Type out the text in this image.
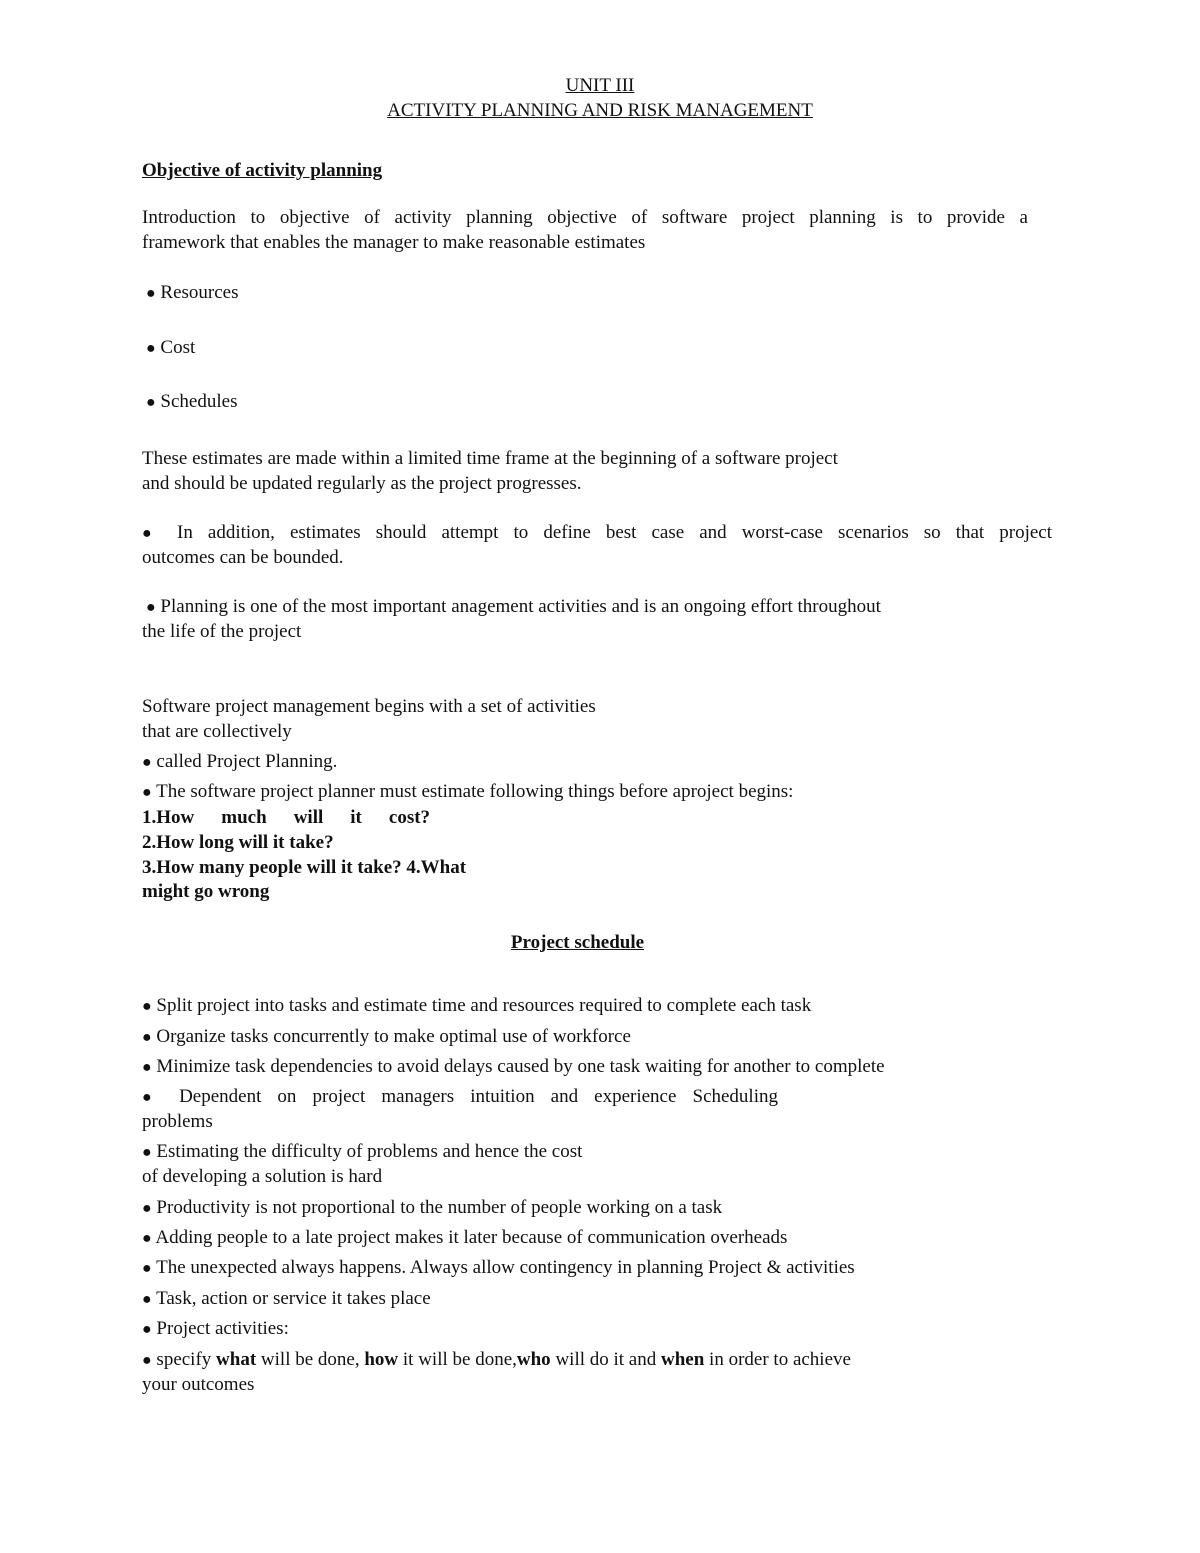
UNIT III
ACTIVITY PLANNING AND RISK MANAGEMENT
Objective of activity planning
Introduction to objective of activity planning objective of software project planning is to provide a
framework that enables the manager to make reasonable estimates
● Resources
● Cost
● Schedules
These estimates are made within a limited time frame at the beginning of a software project
and should be updated regularly as the project progresses.
● In addition, estimates should attempt to define best case and worst-case scenarios so that project
outcomes can be bounded.
● Planning is one of the most important anagement activities and is an ongoing effort throughout
the life of the project
Software project management begins with a set of activities
that are collectively
● called Project Planning.
● The software project planner must estimate following things before aproject begins:
1.How much will it cost?
2.How long will it take?
3.How many people will it take? 4.What
might go wrong
Project schedule
● Split project into tasks and estimate time and resources required to complete each task
● Organize tasks concurrently to make optimal use of workforce
● Minimize task dependencies to avoid delays caused by one task waiting for another to complete
● Dependent on project managers intuition and experience Scheduling
problems
● Estimating the difficulty of problems and hence the cost
of developing a solution is hard
● Productivity is not proportional to the number of people working on a task
● Adding people to a late project makes it later because of communication overheads
● The unexpected always happens. Always allow contingency in planning Project & activities
● Task, action or service it takes place
● Project activities:
● specify what will be done, how it will be done,who will do it and when in order to achieve
your outcomes
